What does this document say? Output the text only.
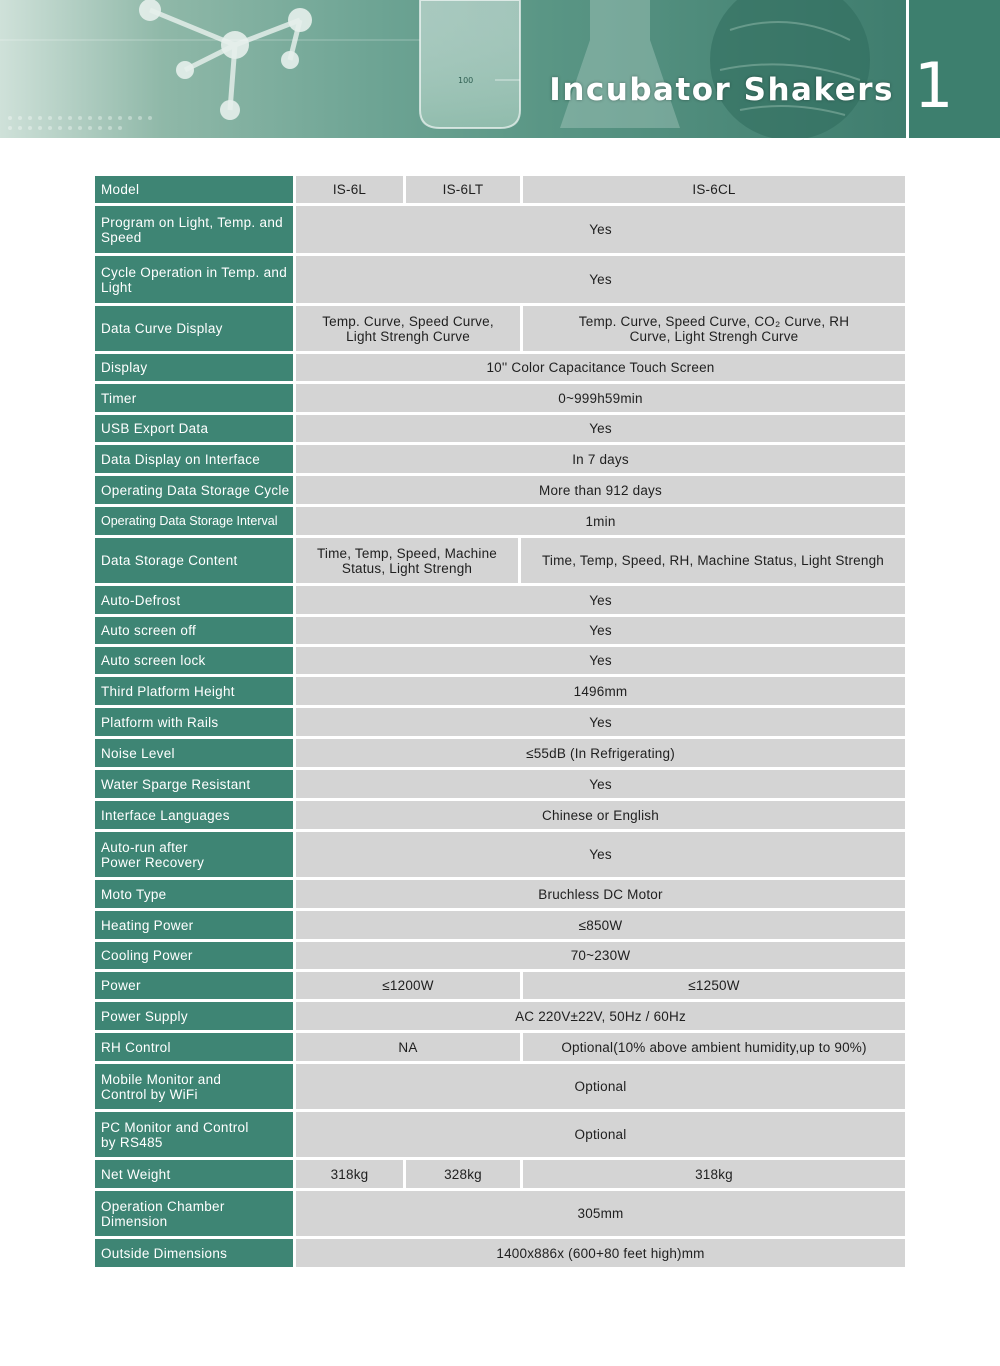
100 Incubator Shakers 1
Model	IS-6L	IS-6LT		IS-6CL
Program on Light, Temp. and Speed	Yes			
Cycle Operation in Temp. and Light	Yes			
Data Curve Display	Temp. Curve, Speed Curve, Light Strengh Curve			Temp. Curve, Speed Curve, CO₂ Curve, RH Curve, Light Strengh Curve
Display	10'' Color Capacitance Touch Screen			
Timer	0~999h59min			
USB Export Data	Yes			
Data Display on Interface	In 7 days			
Operating Data Storage Cycle	More than 912 days			
Operating Data Storage Interval	1min			
Data Storage Content	Time, Temp, Speed, Machine Status, Light Strengh		Time, Temp, Speed, RH, Machine Status, Light Strengh	
Auto-Defrost	Yes			
Auto screen off	Yes			
Auto screen lock	Yes			
Third Platform Height	1496mm			
Platform with Rails	Yes			
Noise Level	≤55dB (In Refrigerating)			
Water Sparge Resistant	Yes			
Interface Languages	Chinese or English			
Auto-run after Power Recovery	Yes			
Moto Type	Bruchless DC Motor			
Heating Power	≤850W			
Cooling Power	70~230W			
Power	≤1200W			≤1250W
Power Supply	AC 220V±22V, 50Hz / 60Hz			
RH Control	NA			Optional(10% above ambient humidity,up to 90%)
Mobile Monitor and Control by WiFi	Optional			
PC Monitor and Control by RS485	Optional			
Net Weight	318kg	328kg		318kg
Operation Chamber Dimension	305mm			
Outside Dimensions	1400x886x (600+80 feet high)mm			
